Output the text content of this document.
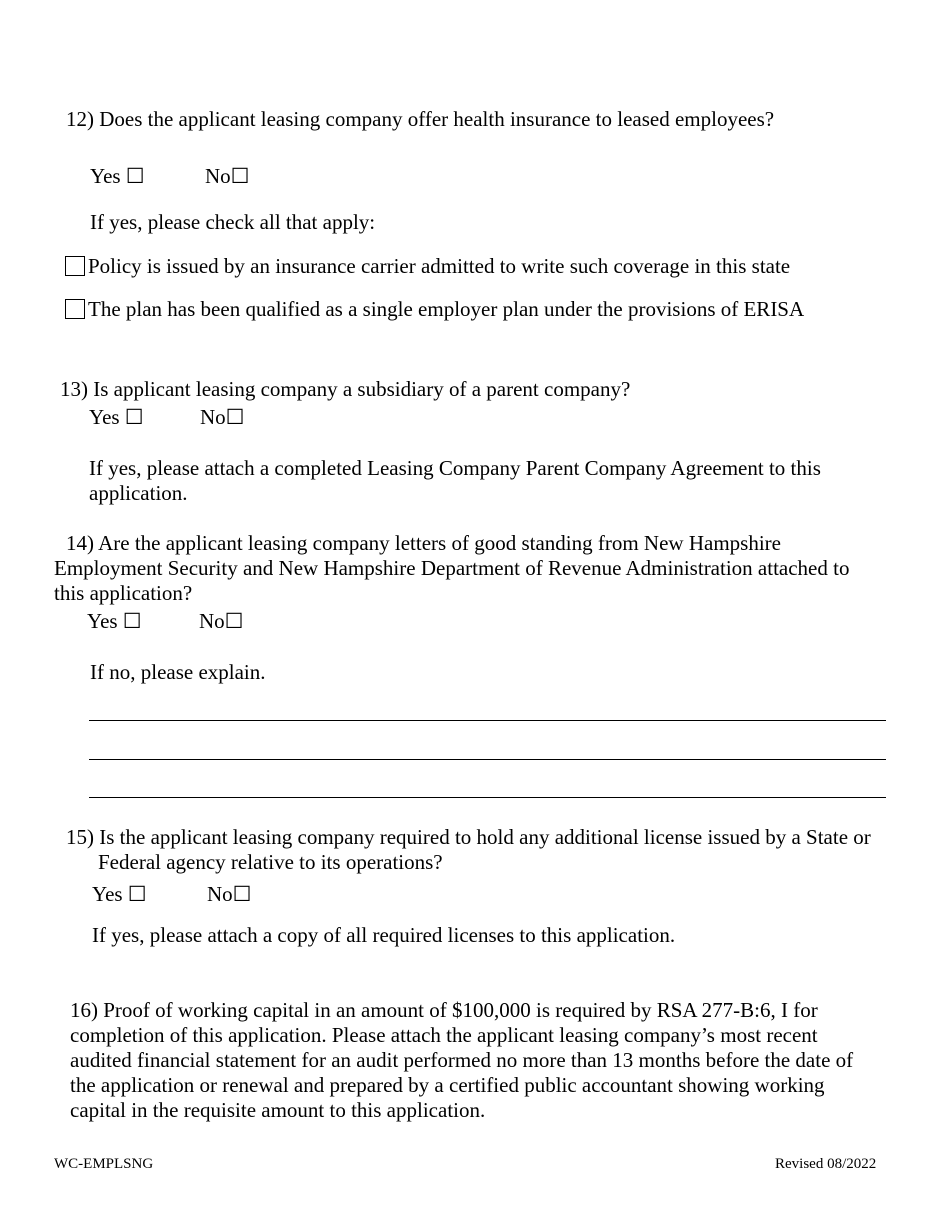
12) Does the applicant leasing company offer health insurance to leased employees?
Yes ☐	No☐
If yes, please check all that apply:
Policy is issued by an insurance carrier admitted to write such coverage in this state
The plan has been qualified as a single employer plan under the provisions of ERISA
13) Is applicant leasing company a subsidiary of a parent company?
Yes ☐	No☐
If yes, please attach a completed Leasing Company Parent Company Agreement to this
application.
14) Are the applicant leasing company letters of good standing from New Hampshire
Employment Security and New Hampshire Department of Revenue Administration attached to
this application?
Yes ☐	No☐
If no, please explain.
15) Is the applicant leasing company required to hold any additional license issued by a State or
Federal agency relative to its operations?
Yes ☐	No☐
If yes, please attach a copy of all required licenses to this application.
16) Proof of working capital in an amount of $100,000 is required by RSA 277-B:6, I for
completion of this application. Please attach the applicant leasing company’s most recent
audited financial statement for an audit performed no more than 13 months before the date of
the application or renewal and prepared by a certified public accountant showing working
capital in the requisite amount to this application.
WC-EMPLSNG	Revised 08/2022
